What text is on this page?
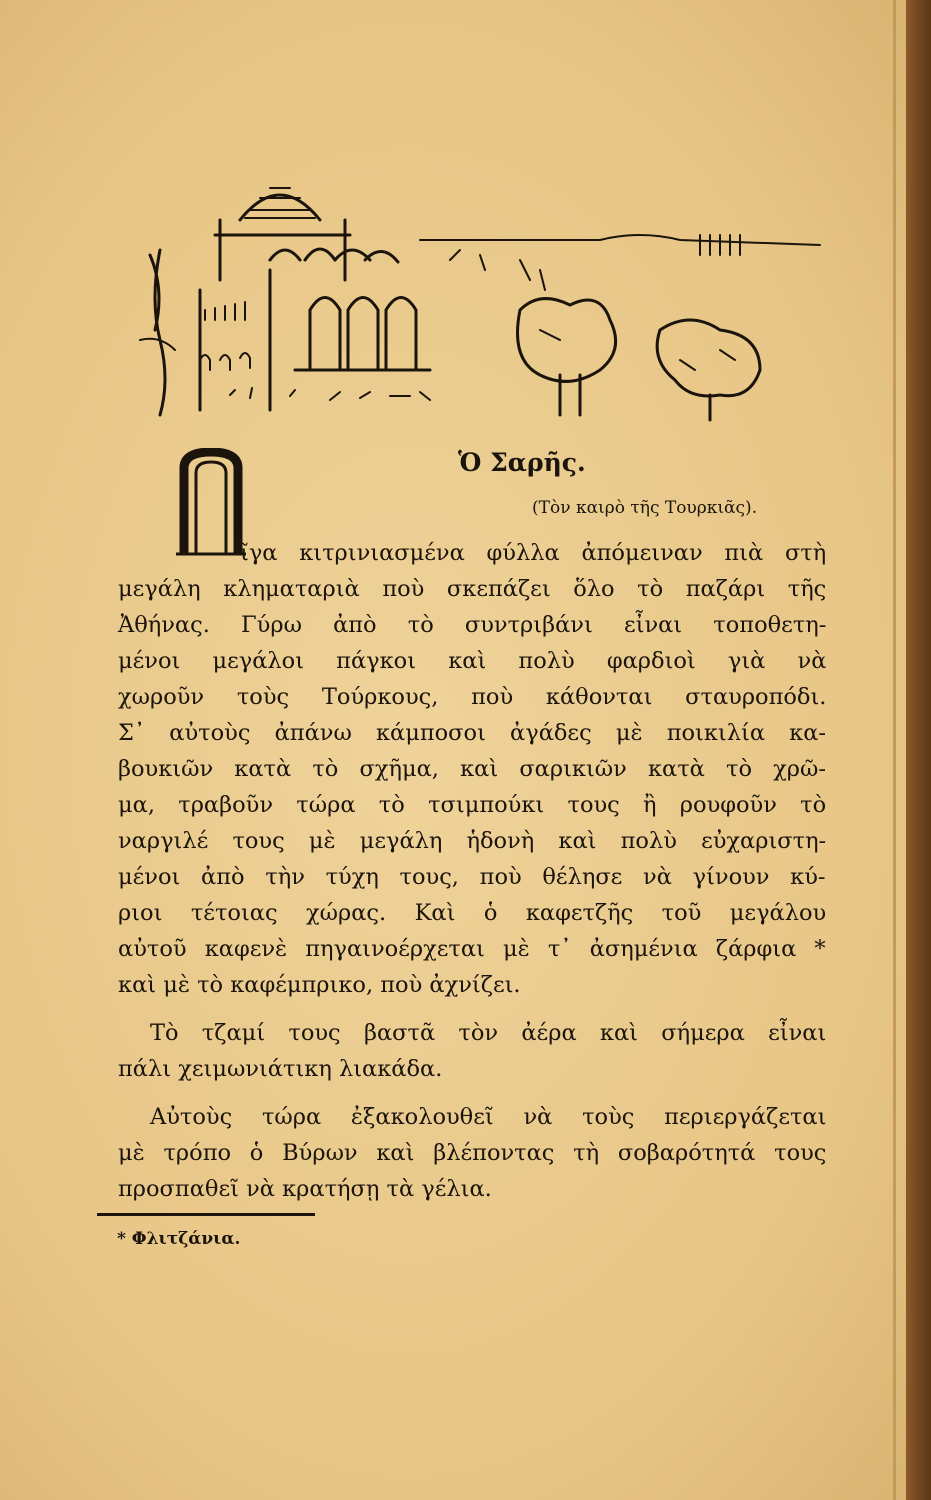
Ὁ Σαρῆς.
(Τὸν καιρὸ τῆς Τουρκιᾶς).
ῖγα κιτρινιασμένα φύλλα ἀπόμειναν πιὰ στὴ
μεγάλη κληματαριὰ ποὺ σκεπάζει ὅλο τὸ παζάρι τῆς
Ἀθήνας. Γύρω ἀπὸ τὸ συντριβάνι εἶναι τοποθετη-
μένοι μεγάλοι πάγκοι καὶ πολὺ φαρδιοὶ γιὰ νὰ
χωροῦν τοὺς Τούρκους, ποὺ κάθονται σταυροπόδι.
Σ᾿ αὐτοὺς ἀπάνω κάμποσοι ἀγάδες μὲ ποικιλία κα-
βουκιῶν κατὰ τὸ σχῆμα, καὶ σαρικιῶν κατὰ τὸ χρῶ-
μα, τραβοῦν τώρα τὸ τσιμπούκι τους ἢ ρουφοῦν τὸ
ναργιλέ τους μὲ μεγάλη ἡδονὴ καὶ πολὺ εὐχαριστη-
μένοι ἀπὸ τὴν τύχη τους, ποὺ θέλησε νὰ γίνουν κύ-
ριοι τέτοιας χώρας. Καὶ ὁ καφετζῆς τοῦ μεγάλου
αὐτοῦ καφενὲ πηγαινοέρχεται μὲ τ᾿ ἀσημένια ζάρφια *
καὶ μὲ τὸ καφέμπρικο, ποὺ ἀχνίζει.
Τὸ τζαμί τους βαστᾶ τὸν ἀέρα καὶ σήμερα εἶναι
πάλι χειμωνιάτικη λιακάδα.
Αὐτοὺς τώρα ἐξακολουθεῖ νὰ τοὺς περιεργάζεται
μὲ τρόπο ὁ Βύρων καὶ βλέποντας τὴ σοβαρότητά τους
προσπαθεῖ νὰ κρατήσῃ τὰ γέλια.
* Φλιτζάνια.
